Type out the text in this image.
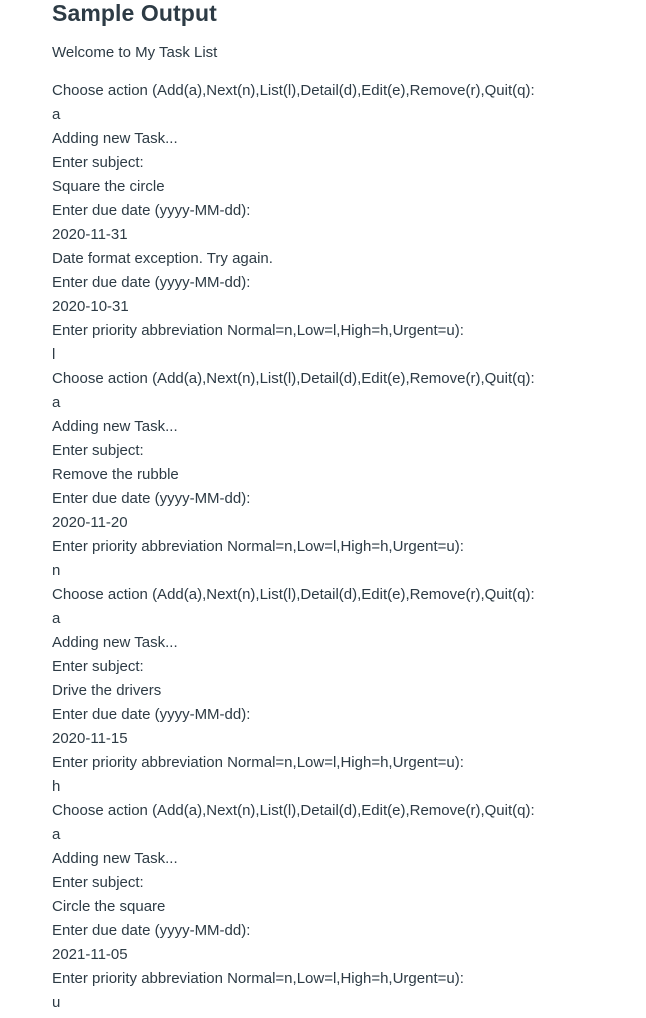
Sample Output

Welcome to My Task List

Choose action (Add(a),Next(n),List(l),Detail(d),Edit(e),Remove(r),Quit(q):
a
Adding new Task...
Enter subject:
Square the circle
Enter due date (yyyy-MM-dd):
2020-11-31
Date format exception. Try again.
Enter due date (yyyy-MM-dd):
2020-10-31
Enter priority abbreviation Normal=n,Low=l,High=h,Urgent=u):
l
Choose action (Add(a),Next(n),List(l),Detail(d),Edit(e),Remove(r),Quit(q):
a
Adding new Task...
Enter subject:
Remove the rubble
Enter due date (yyyy-MM-dd):
2020-11-20
Enter priority abbreviation Normal=n,Low=l,High=h,Urgent=u):
n
Choose action (Add(a),Next(n),List(l),Detail(d),Edit(e),Remove(r),Quit(q):
a
Adding new Task...
Enter subject:
Drive the drivers
Enter due date (yyyy-MM-dd):
2020-11-15
Enter priority abbreviation Normal=n,Low=l,High=h,Urgent=u):
h
Choose action (Add(a),Next(n),List(l),Detail(d),Edit(e),Remove(r),Quit(q):
a
Adding new Task...
Enter subject:
Circle the square
Enter due date (yyyy-MM-dd):
2021-11-05
Enter priority abbreviation Normal=n,Low=l,High=h,Urgent=u):
u
